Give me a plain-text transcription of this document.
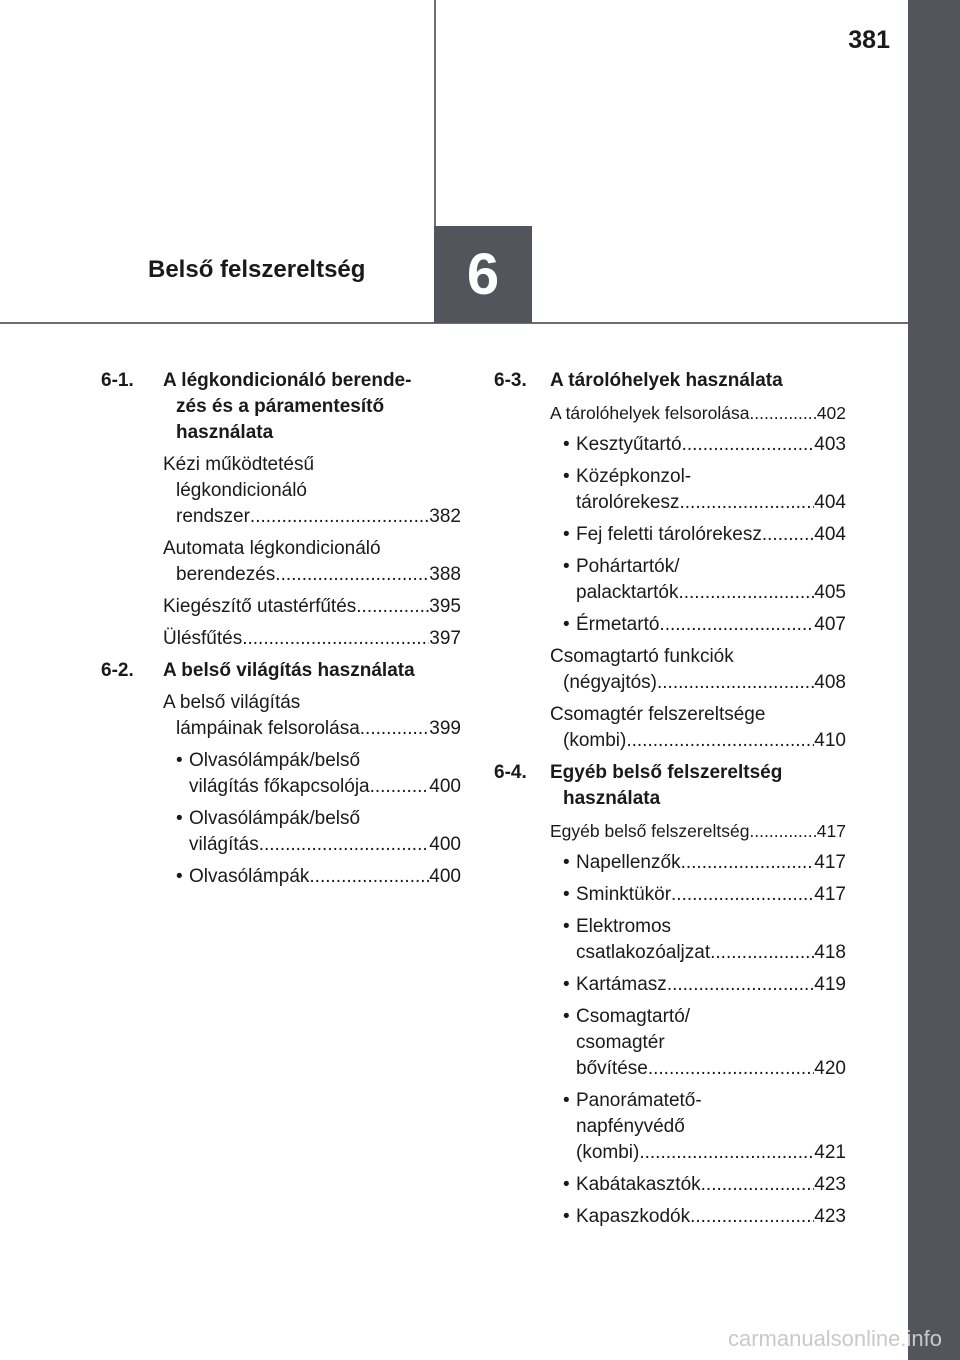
381
6
Belső felszereltség
6-1. A légkondicionáló berende-
zés és a páramentesítő
használata
Kézi működtetésű
légkondicionáló
rendszer .....	382
Automata légkondicionáló
berendezés .....	388
Kiegészítő utastérfűtés .....	395
Ülésfűtés .....	397
6-2. A belső világítás használata
A belső világítás
lámpáinak felsorolása .....	399
• Olvasólámpák/belső
világítás főkapcsolója .....	400
• Olvasólámpák/belső
világítás .....	400
• Olvasólámpák .....	400
6-3. A tárolóhelyek használata
A tárolóhelyek felsorolása .....	402
• Kesztyűtartó .....	403
• Középkonzol-
tárolórekesz .....	404
• Fej feletti tárolórekesz .....	404
• Pohártartók/
palacktartók .....	405
• Érmetartó .....	407
Csomagtartó funkciók
(négyajtós) .....	408
Csomagtér felszereltsége
(kombi) .....	410
6-4. Egyéb belső felszereltség
használata
Egyéb belső felszereltség .....	417
• Napellenzők .....	417
• Sminktükör .....	417
• Elektromos
csatlakozóaljzat .....	418
• Kartámasz .....	419
• Csomagtartó/
csomagtér
bővítése .....	420
• Panorámatető-
napfényvédő
(kombi) .....	421
• Kabátakasztók .....	423
• Kapaszkodók .....	423
carmanualsonline.info
